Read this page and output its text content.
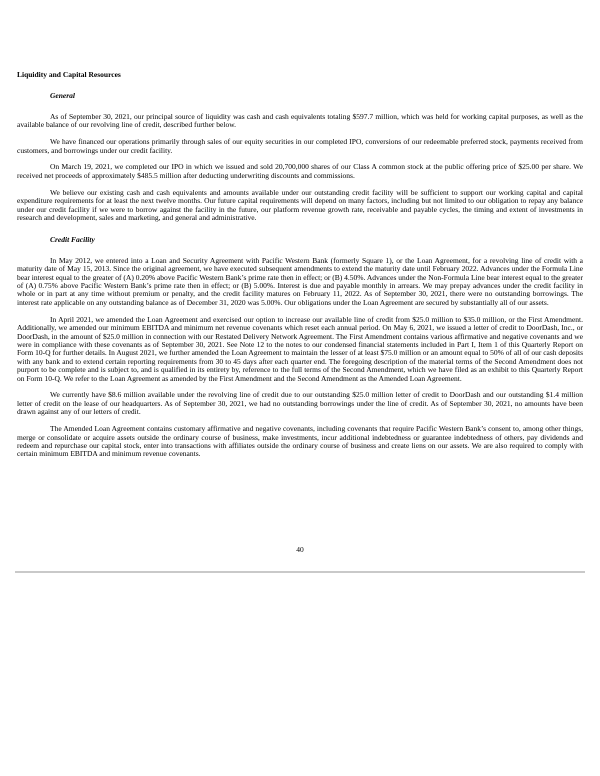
Liquidity and Capital Resources
General

As of September 30, 2021, our principal source of liquidity was cash and cash equivalents totaling $597.7 million, which was held for working capital purposes, as well as the available balance of our revolving line of credit, described further below.

We have financed our operations primarily through sales of our equity securities in our completed IPO, conversions of our redeemable preferred stock, payments received from customers, and borrowings under our credit facility.

On March 19, 2021, we completed our IPO in which we issued and sold 20,700,000 shares of our Class A common stock at the public offering price of $25.00 per share. We received net proceeds of approximately $485.5 million after deducting underwriting discounts and commissions.

We believe our existing cash and cash equivalents and amounts available under our outstanding credit facility will be sufficient to support our working capital and capital expenditure requirements for at least the next twelve months. Our future capital requirements will depend on many factors, including but not limited to our obligation to repay any balance under our credit facility if we were to borrow against the facility in the future, our platform revenue growth rate, receivable and payable cycles, the timing and extent of investments in research and development, sales and marketing, and general and administrative.

Credit Facility

In May 2012, we entered into a Loan and Security Agreement with Pacific Western Bank (formerly Square 1), or the Loan Agreement, for a revolving line of credit with a maturity date of May 15, 2013. Since the original agreement, we have executed subsequent amendments to extend the maturity date until February 2022. Advances under the Formula Line bear interest equal to the greater of (A) 0.20% above Pacific Western Bank’s prime rate then in effect; or (B) 4.50%. Advances under the Non-Formula Line bear interest equal to the greater of (A) 0.75% above Pacific Western Bank’s prime rate then in effect; or (B) 5.00%. Interest is due and payable monthly in arrears. We may prepay advances under the credit facility in whole or in part at any time without premium or penalty, and the credit facility matures on February 11, 2022. As of September 30, 2021, there were no outstanding borrowings. The interest rate applicable on any outstanding balance as of December 31, 2020 was 5.00%. Our obligations under the Loan Agreement are secured by substantially all of our assets.

In April 2021, we amended the Loan Agreement and exercised our option to increase our available line of credit from $25.0 million to $35.0 million, or the First Amendment. Additionally, we amended our minimum EBITDA and minimum net revenue covenants which reset each annual period. On May 6, 2021, we issued a letter of credit to DoorDash, Inc., or DoorDash, in the amount of $25.0 million in connection with our Restated Delivery Network Agreement. The First Amendment contains various affirmative and negative covenants and we were in compliance with these covenants as of September 30, 2021. See Note 12 to the notes to our condensed financial statements included in Part I, Item 1 of this Quarterly Report on Form 10-Q for further details. In August 2021, we further amended the Loan Agreement to maintain the lesser of at least $75.0 million or an amount equal to 50% of all of our cash deposits with any bank and to extend certain reporting requirements from 30 to 45 days after each quarter end. The foregoing description of the material terms of the Second Amendment does not purport to be complete and is subject to, and is qualified in its entirety by, reference to the full terms of the Second Amendment, which we have filed as an exhibit to this Quarterly Report on Form 10-Q. We refer to the Loan Agreement as amended by the First Amendment and the Second Amendment as the Amended Loan Agreement.

We currently have $8.6 million available under the revolving line of credit due to our outstanding $25.0 million letter of credit to DoorDash and our outstanding $1.4 million letter of credit on the lease of our headquarters. As of September 30, 2021, we had no outstanding borrowings under the line of credit. As of September 30, 2021, no amounts have been drawn against any of our letters of credit.

The Amended Loan Agreement contains customary affirmative and negative covenants, including covenants that require Pacific Western Bank’s consent to, among other things, merge or consolidate or acquire assets outside the ordinary course of business, make investments, incur additional indebtedness or guarantee indebtedness of others, pay dividends and redeem and repurchase our capital stock, enter into transactions with affiliates outside the ordinary course of business and create liens on our assets. We are also required to comply with certain minimum EBITDA and minimum revenue covenants.

40
